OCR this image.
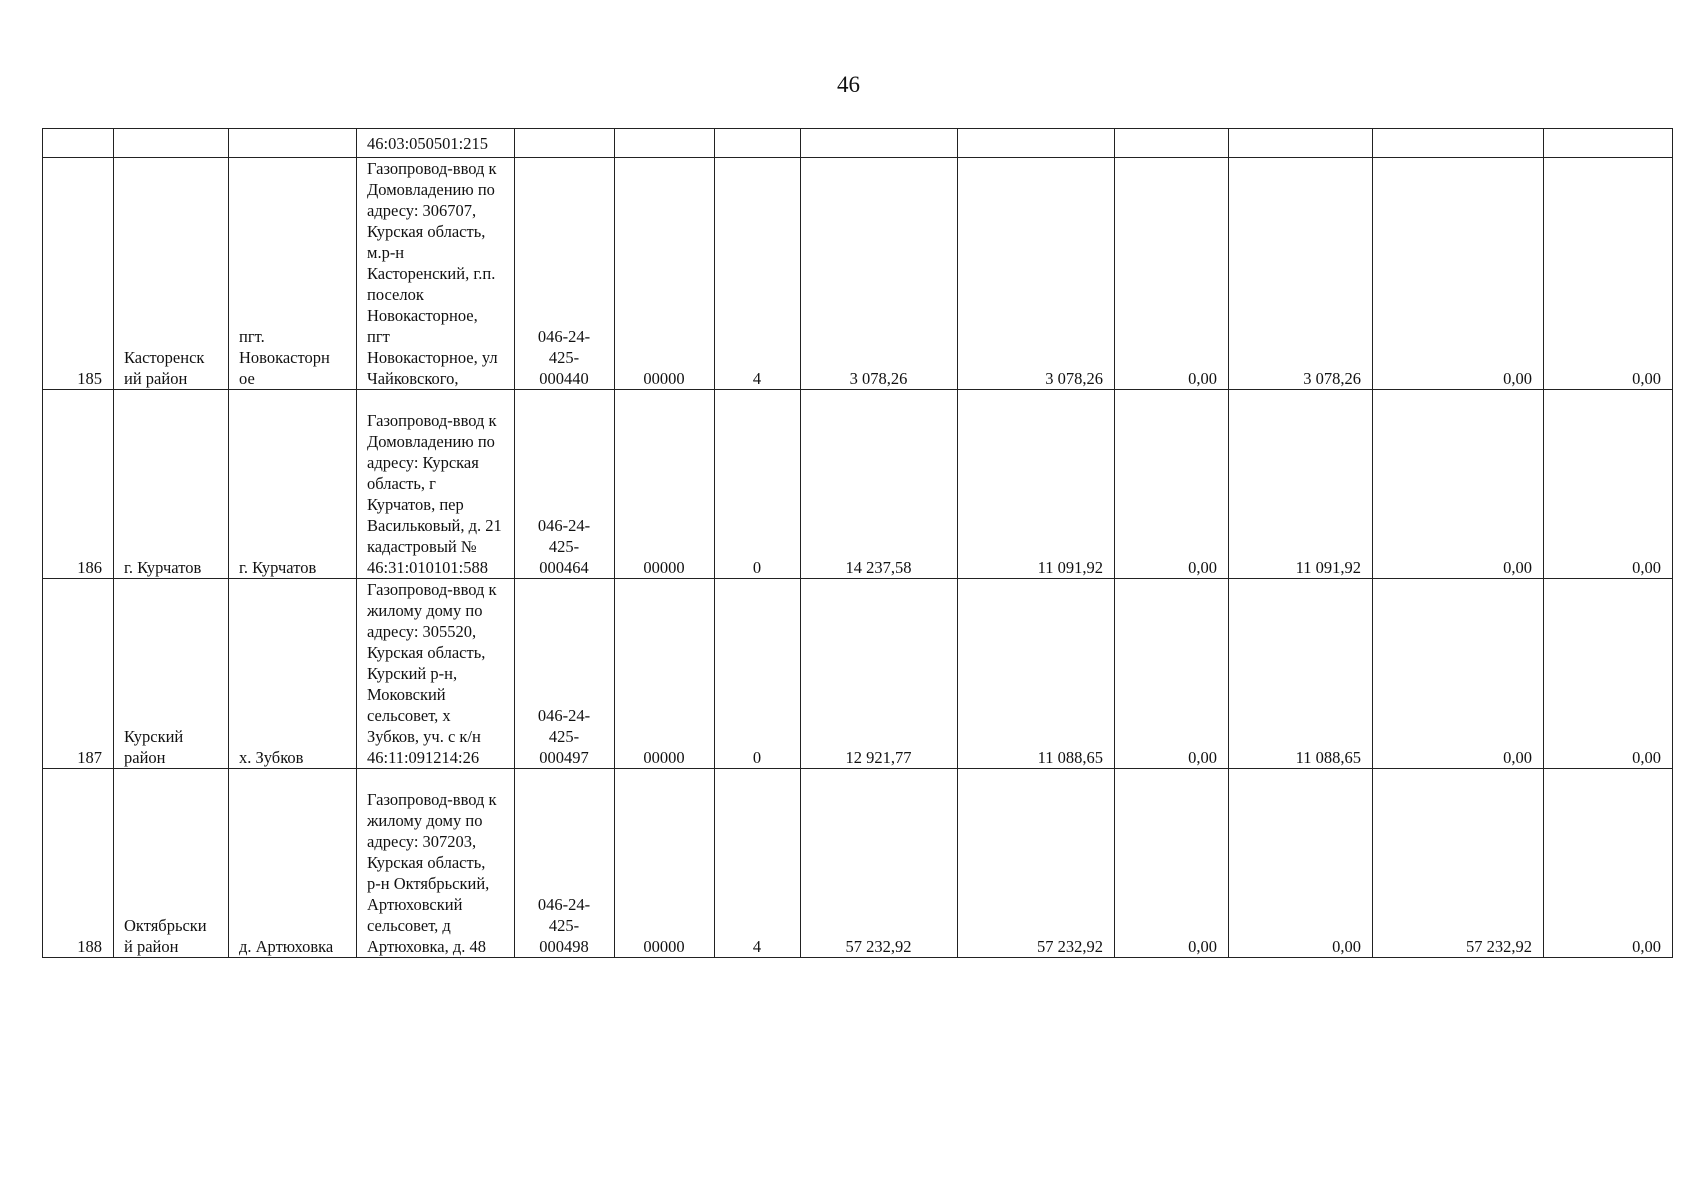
46
			46:03:050501:215									
185	Касторенск ий район	пгт. Новокасторн ое	Газопровод-ввод к Домовладению по адресу: 306707, Курская область, м.р-н Касторенский, г.п. поселок Новокасторное, пгт Новокасторное, ул Чайковского,	046-24- 425- 000440	00000	4	3 078,26	3 078,26	0,00	3 078,26	0,00	0,00
186	г. Курчатов	г. Курчатов	Газопровод-ввод к Домовладению по адресу: Курская область, г Курчатов, пер Васильковый, д. 21 кадастровый № 46:31:010101:588	046-24- 425- 000464	00000	0	14 237,58	11 091,92	0,00	11 091,92	0,00	0,00
187	Курский район	х. Зубков	Газопровод-ввод к жилому дому по адресу: 305520, Курская область, Курский р-н, Моковский сельсовет, х Зубков, уч. с к/н 46:11:091214:26	046-24- 425- 000497	00000	0	12 921,77	11 088,65	0,00	11 088,65	0,00	0,00
188	Октябрьски й район	д. Артюховка	Газопровод-ввод к жилому дому по адресу: 307203, Курская область, р-н Октябрьский, Артюховский сельсовет, д Артюховка, д. 48	046-24- 425- 000498	00000	4	57 232,92	57 232,92	0,00	0,00	57 232,92	0,00
